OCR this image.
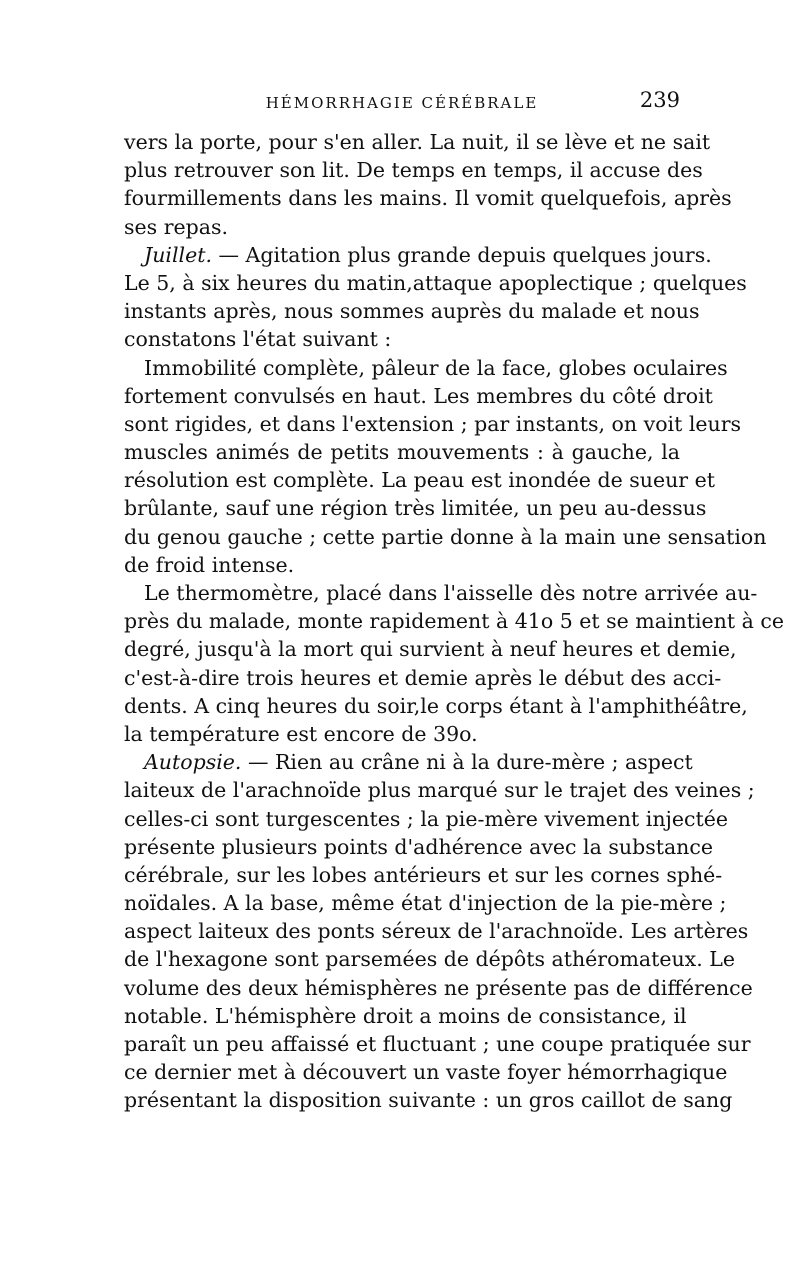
HÉMORRHAGIE CÉRÉBRALE	239
vers la porte, pour s'en aller. La nuit, il se lève et ne sait
plus retrouver son lit. De temps en temps, il accuse des
fourmillements dans les mains. Il vomit quelquefois, après
ses repas.
Juillet. — Agitation plus grande depuis quelques jours.
Le 5, à six heures du matin,attaque apoplectique ; quelques
instants après, nous sommes auprès du malade et nous
constatons l'état suivant :
Immobilité complète, pâleur de la face, globes oculaires
fortement convulsés en haut. Les membres du côté droit
sont rigides, et dans l'extension ; par instants, on voit leurs
muscles animés de petits mouvements : à gauche, la
résolution est complète. La peau est inondée de sueur et
brûlante, sauf une région très limitée, un peu au-dessus
du genou gauche ; cette partie donne à la main une sensation
de froid intense.
Le thermomètre, placé dans l'aisselle dès notre arrivée au-
près du malade, monte rapidement à 41o 5 et se maintient à ce
degré, jusqu'à la mort qui survient à neuf heures et demie,
c'est-à-dire trois heures et demie après le début des acci-
dents. A cinq heures du soir,le corps étant à l'amphithéâtre,
la température est encore de 39o.
Autopsie. — Rien au crâne ni à la dure-mère ; aspect
laiteux de l'arachnoïde plus marqué sur le trajet des veines ;
celles-ci sont turgescentes ; la pie-mère vivement injectée
présente plusieurs points d'adhérence avec la substance
cérébrale, sur les lobes antérieurs et sur les cornes sphé-
noïdales. A la base, même état d'injection de la pie-mère ;
aspect laiteux des ponts séreux de l'arachnoïde. Les artères
de l'hexagone sont parsemées de dépôts athéromateux. Le
volume des deux hémisphères ne présente pas de différence
notable. L'hémisphère droit a moins de consistance, il
paraît un peu affaissé et fluctuant ; une coupe pratiquée sur
ce dernier met à découvert un vaste foyer hémorrhagique
présentant la disposition suivante : un gros caillot de sang
